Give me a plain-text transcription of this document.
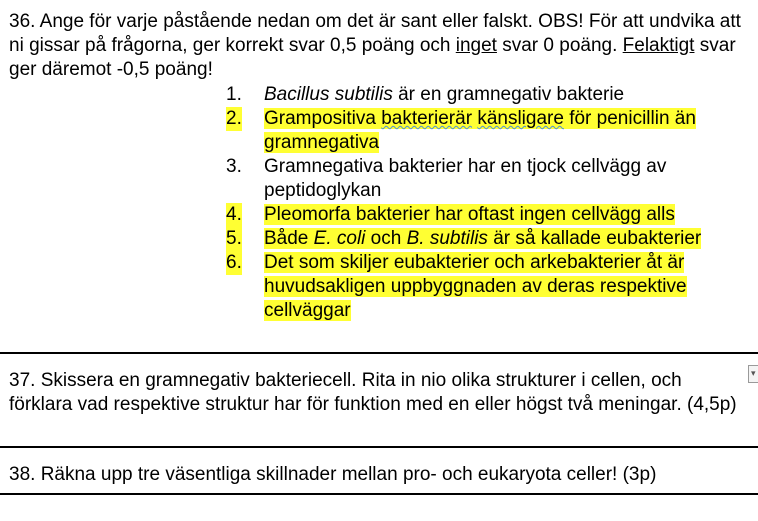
36. Ange för varje påstående nedan om det är sant eller falskt. OBS! För att undvika att ni gissar på frågorna, ger korrekt svar 0,5 poäng och inget svar 0 poäng. Felaktigt svar ger däremot -0,5 poäng!
1. Bacillus subtilis är en gramnegativ bakterie
2. Grampositiva bakterierär känsligare för penicillin än gramnegativa
3. Gramnegativa bakterier har en tjock cellvägg av peptidoglykan
4. Pleomorfa bakterier har oftast ingen cellvägg alls
5. Både E. coli och B. subtilis är så kallade eubakterier
6. Det som skiljer eubakterier och arkebakterier åt är huvudsakligen uppbyggnaden av deras respektive cellväggar
37. Skissera en gramnegativ bakteriecell. Rita in nio olika strukturer i cellen, och förklara vad respektive struktur har för funktion med en eller högst två meningar. (4,5p)
▾
38. Räkna upp tre väsentliga skillnader mellan pro- och eukaryota celler! (3p)
